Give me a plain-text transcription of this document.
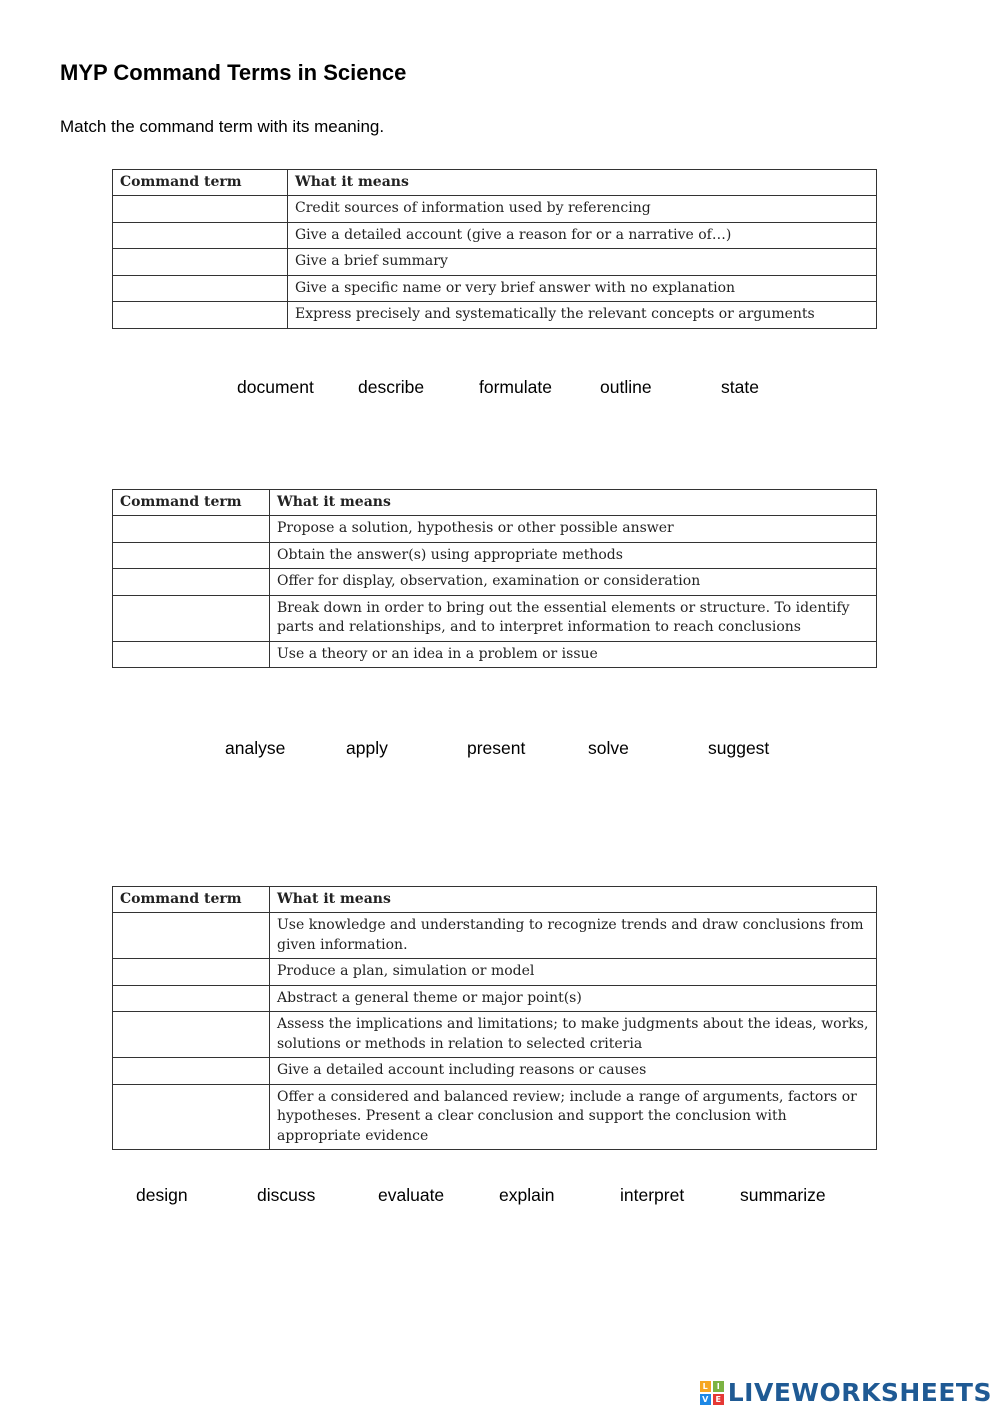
MYP Command Terms in Science
Match the command term with its meaning.
Command term	What it means

	Credit sources of information used by referencing

	Give a detailed account (give a reason for or a narrative of…)

	Give a brief summary

	Give a specific name or very brief answer with no explanation

	Express precisely and systematically the relevant concepts or arguments
document	describe	formulate	outline	state
Command term	What it means

	Propose a solution, hypothesis or other possible answer

	Obtain the answer(s) using appropriate methods

	Offer for display, observation, examination or consideration

	Break down in order to bring out the essential elements or structure. To identify parts and relationships, and to interpret information to reach conclusions

	Use a theory or an idea in a problem or issue
analyse	apply	present	solve	suggest
Command term	What it means

	Use knowledge and understanding to recognize trends and draw conclusions from given information.

	Produce a plan, simulation or model

	Abstract a general theme or major point(s)

	Assess the implications and limitations; to make judgments about the ideas, works, solutions or methods in relation to selected criteria

	Give a detailed account including reasons or causes

	Offer a considered and balanced review; include a range of arguments, factors or hypotheses. Present a clear conclusion and support the conclusion with appropriate evidence
design	discuss	evaluate	explain	interpret	summarize
L	I
V E LIVEWORKSHEETS
